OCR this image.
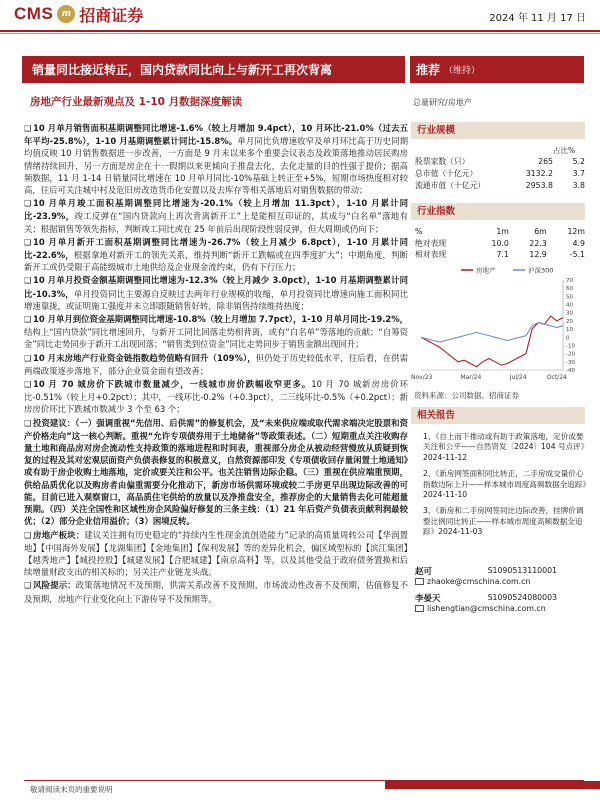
CMS m 招商证券	2024 年 11 月 17 日
销量同比接近转正，国内贷款同比向上与新开工再次背离	推荐 （维持）
房地产行业最新观点及 1-10 月数据深度解读	总量研究/房地产
❑ 10 月单月销售面积基期调整同比增速-1.6%（较上月增加 9.4pct），10 月环比-21.0%（过去五年平均-25.8%），1-10 月基期调整累计同比-15.8%。单月同比负增速收窄及单月环比高于历史同期均值反映 10 月销售数据进一步改善，一方面是 9 月末以来多个重要会议表态及政策落地推动居民购房情绪持续回升，另一方面是房企在十一假期以来更倾向于推盘去化，去化走量的目的性强于提价；据高频数据，11 月 1-14 日销量同比增速在 10 月单月同比-10%基础上转正至+5%，短期市场热度相对较高，往后可关注城中村及危旧房改造货币化安置以及去库存等相关落地后对销售数据的带动；
❑ 10 月单月竣工面积基期调整同比增速为-20.1%（较上月增加 11.3pct），1-10 月累计同比-23.9%，竣工反弹在“国内贷款向上再次背离新开工”上是能相互印证的，其成与“白名单”落地有关；根据销售等领先指标，判断竣工同比或在 25 年前后出现阶段性弱反弹，但大周期或仍向下；
❑ 10 月单月新开工面积基期调整同比增速为-26.7%（较上月减少 6.8pct），1-10 月累计同比-22.6%，根据拿地对新开工的领先关系，维持判断“新开工跌幅或在四季度扩大”；中期角度，判断新开工或仍受限于高能级城市土地供给及企业现金流约束，仍有下行压力；
❑ 10 月单月投资金额基期调整同比增速为-12.3%（较上月减少 3.0pct），1-10 月基期调整累计同比-10.3%，单月投资同比主要源自反映过去两年行业规模的收缩，单月投资同比增速向施工面积同比增速靠拢，或证明施工强度并未立即跟随销售好转，除非销售持续维持热度；
❑ 10 月单月到位资金基期调整同比增速-10.8%（较上月增加 7.7pct），1-10 月单月同比-19.2%，结构上“国内贷款”同比增速回升，与新开工同比回落走势相背离，或有“白名单”等落地的贡献；“自筹资金”同比走势同步于新开工出现回落；“销售类到位资金”同比走势同步于销售金额出现回升；
❑ 10 月末房地产行业资金链指数趋势值略有回升（109%），但仍处于历史较低水平，往后看，在供需两端政策逐步落地下，部分企业资金面有望改善；
❑ 10 月 70 城房价下跌城市数量减少，一线城市房价跌幅收窄更多。10 月 70 城新房房价环比-0.51%（较上月+0.2pct）；其中，一线环比-0.2%（+0.3pct），二三线环比-0.5%（+0.2pct）；新房房价环比下跌城市数减少 3 个至 63 个；
❑ 投资建议：（一）强调重视“先信用、后供需”的修复机会，及“未来供应端或取代需求端决定股票和资产价格走向”这一核心判断。重视“允许专项债券用于土地储备”等政策表述。（二）短期重点关注收购存量土地和商品房对房企流动性支持政策的落地进程和时间表，重视部分房企从被动经营慢放从质疑到恢复的过程及其对宏观层面资产负债表修复的积极意义，自然资源部印发《专项债收回存量闲置土地通知》或有助于房企收购土地落地，定价或要关注和公平。也关注销售边际企稳。（三）重视在供应端重预期，供给品质优化以及购房者由偏重需要分化推动下，新房市场供需环境或较二手房更早出现边际改善的可能。目前已进入观察窗口，高品质住宅供给的放量以及净推盘安全，推荐房企的大量销售去化可能超量预期。（四）关注全国性和区域性房企风险偏好修复的三条主线：（1）21 年后资产负债表贡献利润最较优；（2）部分企业信用溢价；（3）困境反转。
❑ 房地产板块：建议关注拥有历史稳定的“持续内生性现金流创造能力”记录的高质量周转公司【华润置地】【中国海外发展】【龙湖集团】【金地集团】【保利发展】等的差异化机会，偏区域型标的【滨江集团】【越秀地产】【城投控股】【城建发展】【合肥城建】【南京高科】等，以及其他受益于政府债务置换和后续增量财政支出的相关标的；另关注产业链龙头战。
❑ 风险提示：政策落地情况不及预期，供需关系改善不及预期，市场流动性改善不及预期，估值修复不及预期，房地产行业变化向上下游传导不及预期等。
行业规模
占比%
股票家数（只）	265	5.2
总市值（十亿元）	3132.2	3.7
流通市值（十亿元）	2953.8	3.8
行业指数
%	1m	6m	12m
绝对表现	10.0	22.3	4.9
相对表现	7.1	12.9	-5.1
房地产	沪深300
70
60
50
40
30
20
10
0
-10
-20
-30
-40
Nov/23	Mar/24	Jul/24	Oct/24
资料来源：公司数据、招商证券
相关报告
1、《自上而下推动或有助于政策落地，定价或要关注和公平——自然资发〔2024〕104 号点评》2024-11-12
2、《新房网签面积同比转正，二手房成交量价心指数边际上升——样本城市周度高频数据全追踪》2024-11-10
3、《新房和二手房网签同比边际改善，挂牌价调整比例同比转正——样本城市周度高频数据全追踪》2024-11-03
赵可	S1090513110001
zhaoke@cmschina.com.cn
李晏天	S1090524080003
lishengtian@cmschina.com.cn
敬请阅读末页的重要说明
